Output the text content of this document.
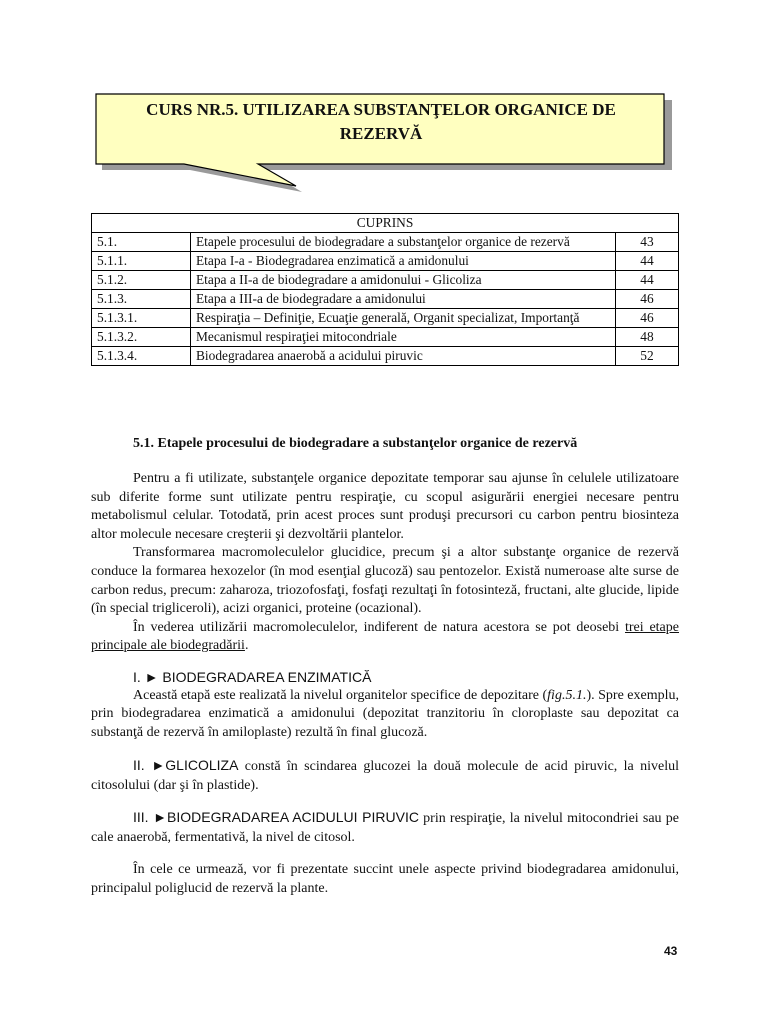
CURS NR.5. UTILIZAREA SUBSTANŢELOR ORGANICE DE
REZERVĂ
CUPRINS		
5.1.	Etapele procesului de biodegradare a substanţelor organice de rezervă	43
5.1.1.	Etapa I-a - Biodegradarea enzimatică a amidonului	44
5.1.2.	Etapa a II-a de biodegradare a amidonului - Glicoliza	44
5.1.3.	Etapa a III-a de biodegradare a amidonului	46
5.1.3.1.	Respiraţia – Definiţie, Ecuaţie generală, Organit specializat, Importanţă	46
5.1.3.2.	Mecanismul respiraţiei mitocondriale	48
5.1.3.4.	Biodegradarea anaerobă a acidului piruvic	52
5.1. Etapele procesului de biodegradare a substanţelor organice de rezervă

Pentru a fi utilizate, substanţele organice depozitate temporar sau ajunse în celulele utilizatoare sub diferite forme sunt utilizate pentru respiraţie, cu scopul asigurării energiei necesare pentru metabolismul celular. Totodată, prin acest proces sunt produşi precursori cu carbon pentru biosinteza altor molecule necesare creşterii şi dezvoltării plantelor.

Transformarea macromoleculelor glucidice, precum şi a altor substanţe organice de rezervă conduce la formarea hexozelor (în mod esenţial glucoză) sau pentozelor. Există numeroase alte surse de carbon redus, precum: zaharoza, triozofosfaţi, fosfaţi rezultaţi în fotosinteză, fructani, alte glucide, lipide (în special trigliceroli), acizi organici, proteine (ocazional).

În vederea utilizării macromoleculelor, indiferent de natura acestora se pot deosebi trei etape principale ale biodegradării.

I. ► BIODEGRADAREA ENZIMATICĂ

Această etapă este realizată la nivelul organitelor specifice de depozitare (fig.5.1.). Spre exemplu, prin biodegradarea enzimatică a amidonului (depozitat tranzitoriu în cloroplaste sau depozitat ca substanţă de rezervă în amiloplaste) rezultă în final glucoză.

II. ►GLICOLIZA constă în scindarea glucozei la două molecule de acid piruvic, la nivelul citosolului (dar şi în plastide).

III. ►BIODEGRADAREA ACIDULUI PIRUVIC prin respiraţie, la nivelul mitocondriei sau pe cale anaerobă, fermentativă, la nivel de citosol.

În cele ce urmează, vor fi prezentate succint unele aspecte privind biodegradarea amidonului, principalul poliglucid de rezervă la plante.

43
